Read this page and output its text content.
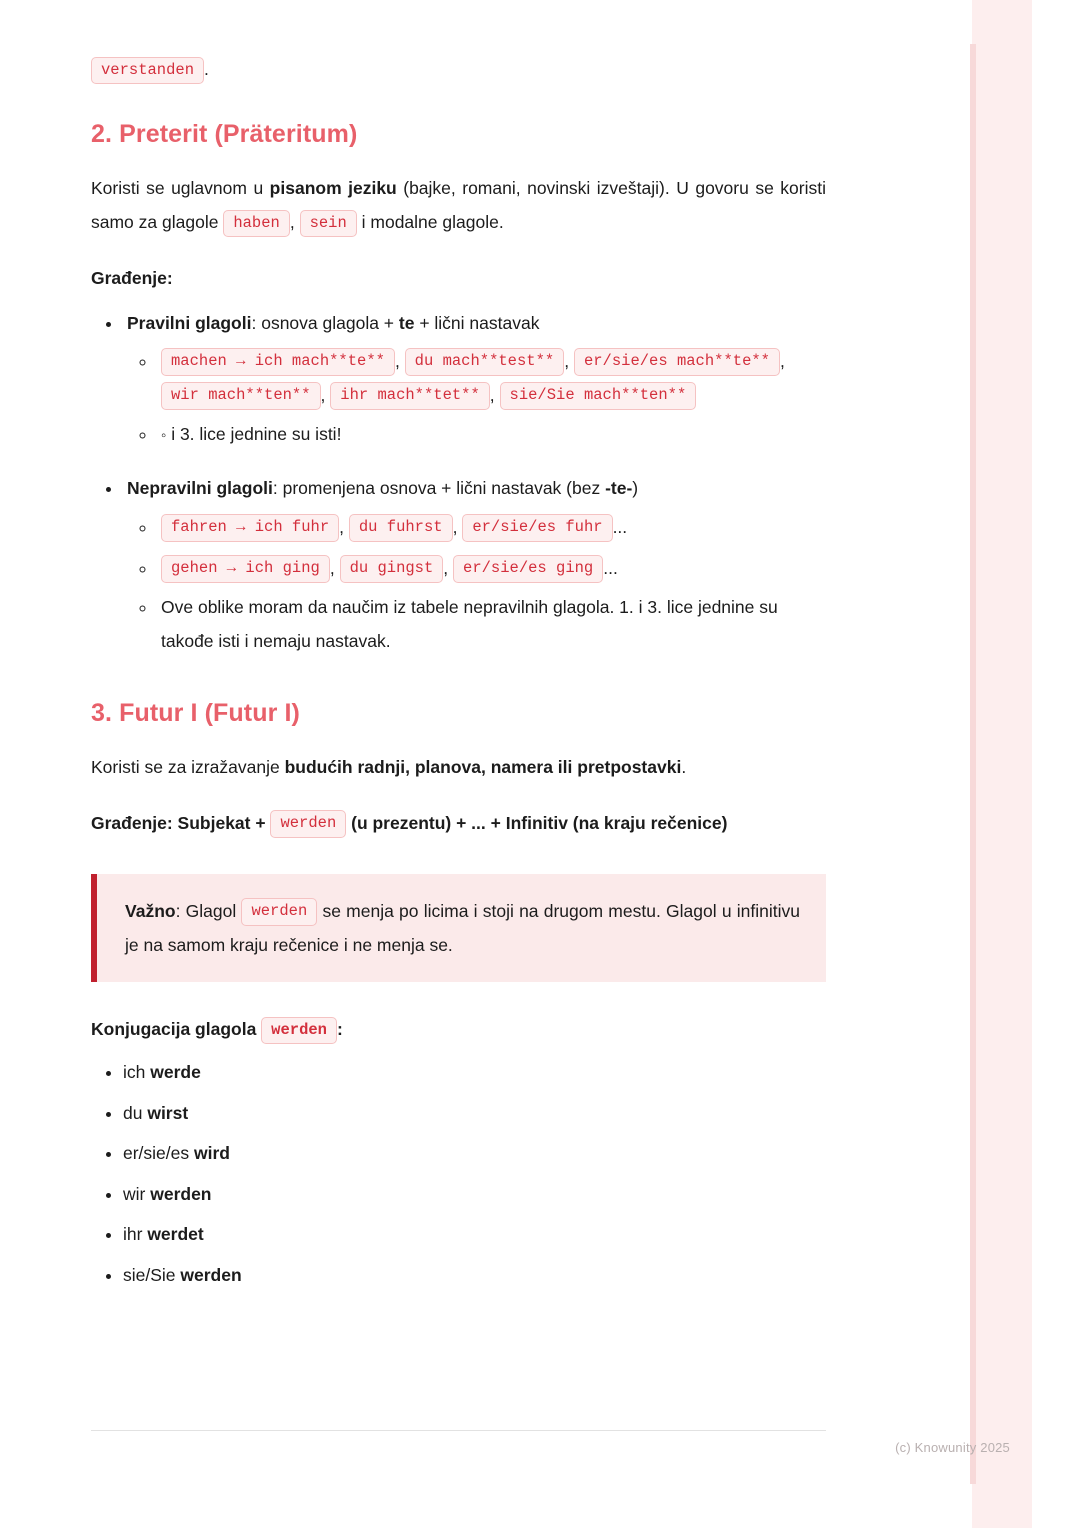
verstanden .

2. Preterit (Präteritum)

Koristi se uglavnom u pisanom jeziku (bajke, romani, novinski izveštaji). U govoru se koristi samo za glagole haben , sein i modalne glagole.

Građenje:

• Pravilni glagoli: osnova glagola + te + lični nastavak
◦ machen → ich mach**te** , du mach**test** , er/sie/es mach**te** , wir mach**ten** , ihr mach**tet** , sie/Sie mach**ten**
◦ ◦ i 3. lice jednine su isti!
• Nepravilni glagoli: promenjena osnova + lični nastavak (bez -te-)
◦ fahren → ich fuhr , du fuhrst , er/sie/es fuhr ...
◦ gehen → ich ging , du gingst , er/sie/es ging ...
◦ Ove oblike moram da naučim iz tabele nepravilnih glagola. 1. i 3. lice jednine su takođe isti i nemaju nastavak.
3. Futur I (Futur I)

Koristi se za izražavanje budućih radnji, planova, namera ili pretpostavki.

Građenje: Subjekat + werden (u prezentu) + ... + Infinitiv (na kraju rečenice)

Važno: Glagol werden se menja po licima i stoji na drugom mestu. Glagol u infinitivu je na samom kraju rečenice i ne menja se.

Konjugacija glagola werden :

• ich werde
• du wirst
• er/sie/es wird
• wir werden
• ihr werdet
• sie/Sie werden
(c) Knowunity 2025
